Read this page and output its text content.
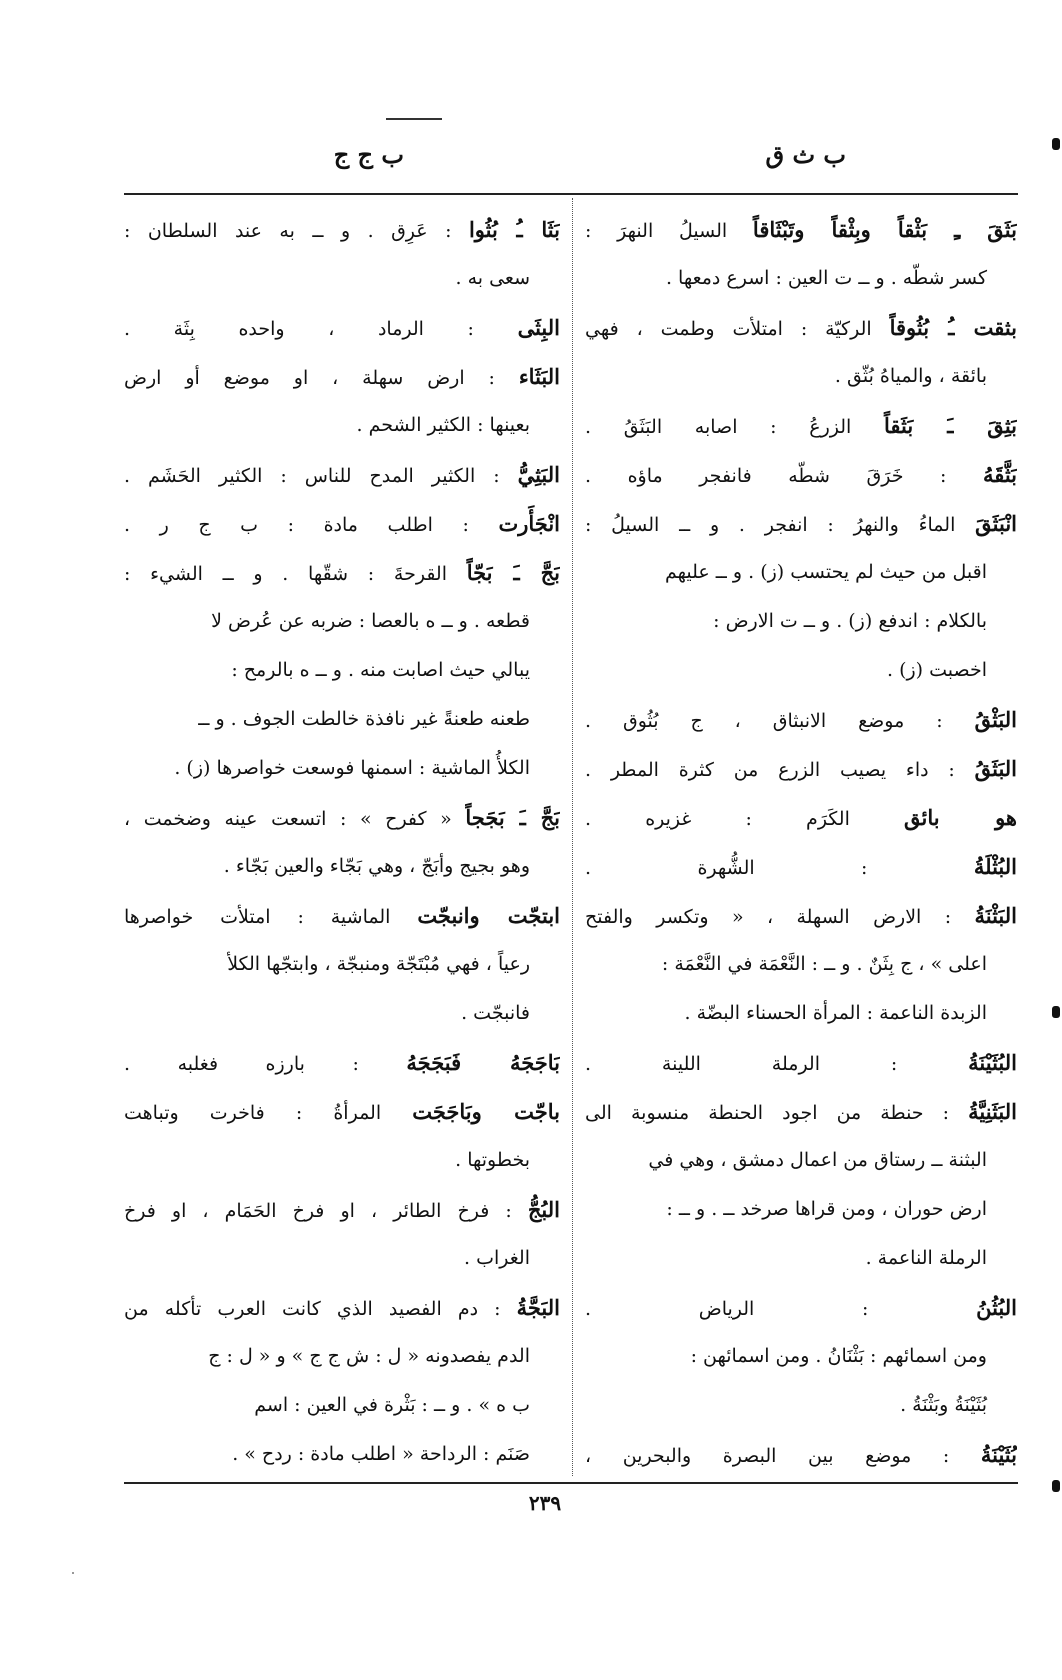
ب ث ق
ب ج ج
بَثَقَ ـِ بَثْقاً وبِثْقاً وتَبْثَاقاً السيلُ النهرَ :
كسر شطّه . و ــ ت العين : اسرع دمعها .
بثقت ـُ بُثُوقاً الركيّة : امتلأت وطمت ، فهي
بائقة ، والمياهُ بُثّق .
بَثِقَ ـَ بَثَقاً الزرعُ : اصابه البَثَقُ .
بَثَّقَهُ : خَرَقَ شطّه فانفجر ماؤه .
انْبَثَقَ الماءُ والنهرُ : انفجر . و ــ السيلُ :
اقبل من حيث لم يحتسب (ز) . و ــ عليهم
بالكلام : اندفع (ز) . و ــ ت الارض :
اخصبت (ز) .
البَثْقُ : موضع الانبثاق ، ج بُثُوق .
البَثَقُ : داء يصيب الزرع من كثرة المطر .
هو بائق الكَرَم : غزيره .
البُثْلَةُ : الشُّهرة .
البَثْنَةُ : الارض السهلة ، « وتكسر والفتح
اعلى » ، ج بِثَنٌ . و ــ : النَّعْمَة في النَّعْمَة :
الزبدة الناعمة : المرأة الحسناء البضّة .
البُثَيْنَةُ : الرملة اللينة .
البَثَنِيَّةُ : حنطة من اجود الحنطة منسوبة الى
البثنة ــ رستاق من اعمال دمشق ، وهي في
ارض حوران ، ومن قراها صرخد ــ . و ــ :
الرملة الناعمة .
البُثُنُ : الرياض .
ومن اسمائهم : بَثْنَانُ . ومن اسمائهن :
بُثَيْنَةُ وبَثْنَةُ .
بُثَيْنَةُ : موضع بين البصرة والبحرين ،
بَثَا ـُ بُثُوا : عَرِق . و ــ به عند السلطان :
سعى به .
البِثَى : الرماد ، واحده بِثَة .
البَثَاء : ارض سهلة ، او موضع أو ارض
بعينها : الكثير الشحم .
البَثِيُّ : الكثير المدح للناس : الكثير الحَشَم .
انْجَأَرت : اطلب مادة : ب ج ر .
بَجَّ ـَ بَجّاً القرحةَ : شقّها . و ــ الشيء :
قطعه . و ــ ه بالعصا : ضربه عن عُرض لا
يبالي حيث اصابت منه . و ــ ه بالرمح :
طعنه طعنةً غير نافذة خالطت الجوف . و ــ
الكلأُ الماشية : اسمنها فوسعت خواصرها (ز) .
بَجَّ ـَ بَجَجاً « كفرح » : اتسعت عينه وضخمت ،
وهو بجيج وأبَجّ ، وهي بَجّاء والعين بَجّاء .
ابتجّت وانبجّت الماشية : امتلأت خواصرها
رعياً ، فهي مُبْتَجّة ومنبجّة ، وابتجّها الكلأ
فانبجّت .
بَاجَجَهُ فَبَجَجَهُ : بارزه فغلبه .
باجّت وبَاجَجَت المرأةُ : فاخرت وتباهت
بخطوتها .
البُجُّ : فرخ الطائر ، او فرخ الحَمَام ، او فرخ
الغراب .
البَجَّةُ : دم الفصيد الذي كانت العرب تأكله من
الدم يفصدونه « ل : ش ج ج » و « ل : ج
ب ه » . و ــ : بَثْرة في العين : اسم
صَنَم : الرداحة « اطلب مادة : ردح » .
٢٣٩
